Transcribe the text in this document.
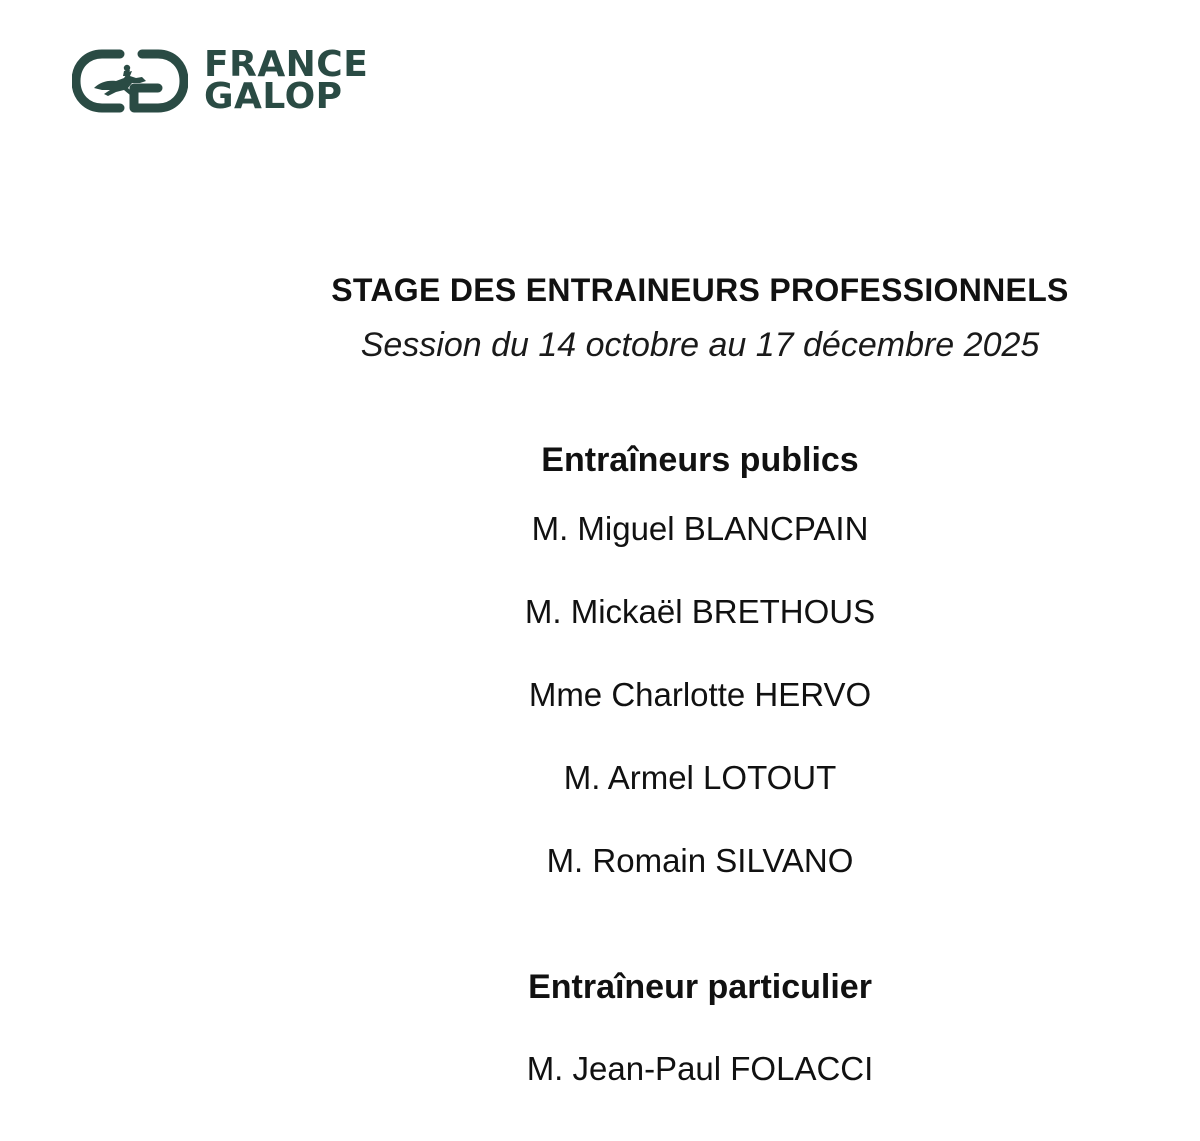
FRANCE
GALOP
STAGE DES ENTRAINEURS PROFESSIONNELS
Session du 14 octobre au 17 décembre 2025
Entraîneurs publics
M. Miguel BLANCPAIN
M. Mickaël BRETHOUS
Mme Charlotte HERVO
M. Armel LOTOUT
M. Romain SILVANO
Entraîneur particulier
M. Jean-Paul FOLACCI
